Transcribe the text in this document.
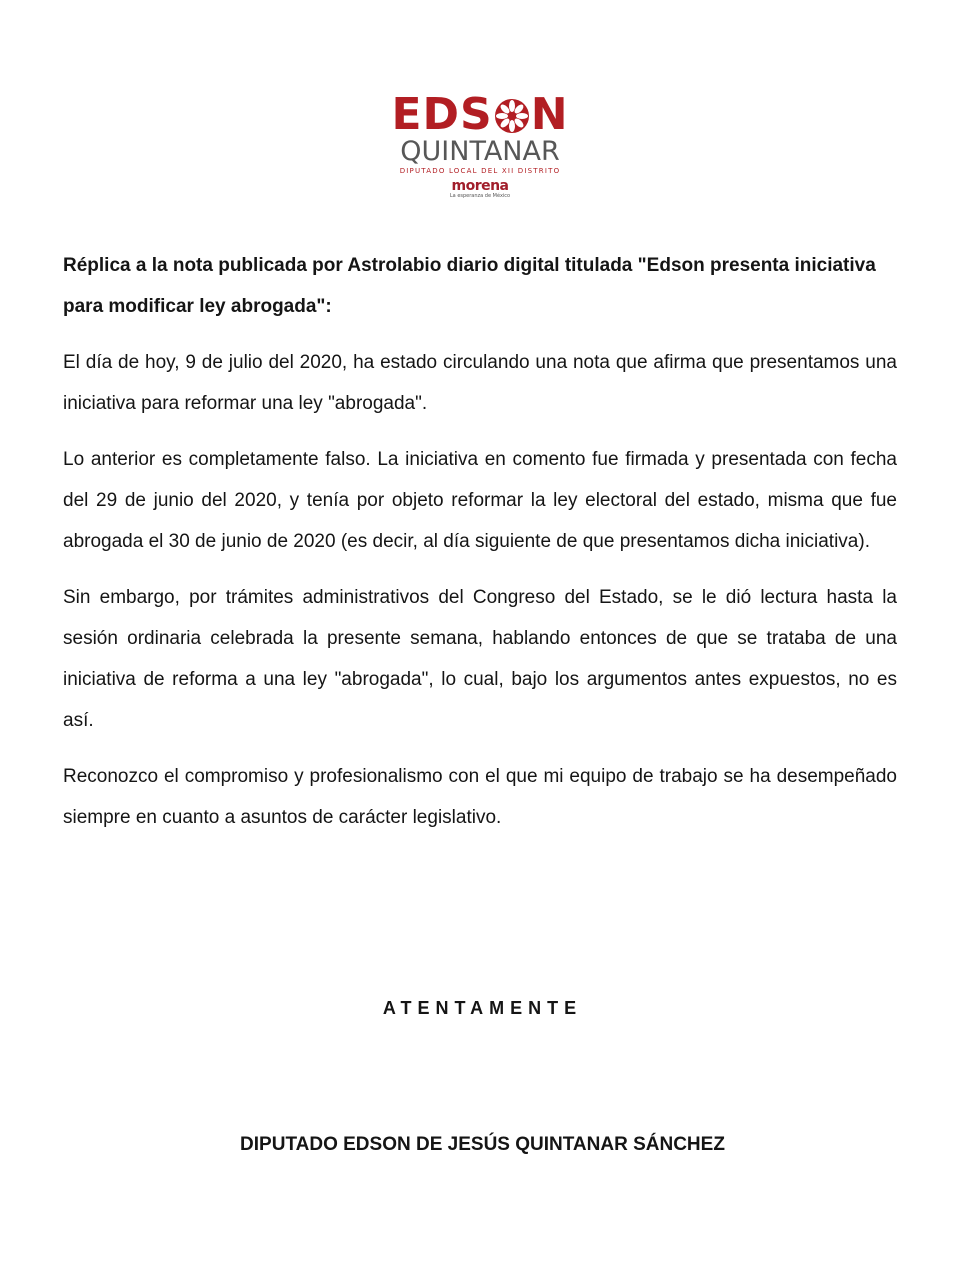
EDS N
QUINTANAR
DIPUTADO LOCAL DEL XII DISTRITO
morena
La esperanza de México

Réplica a la nota publicada por Astrolabio diario digital titulada "Edson presenta iniciativa para modificar ley abrogada":

El día de hoy, 9 de julio del 2020, ha estado circulando una nota que afirma que presentamos una iniciativa para reformar una ley "abrogada".

Lo anterior es completamente falso. La iniciativa en comento fue firmada y presentada con fecha del 29 de junio del 2020, y tenía por objeto reformar la ley electoral del estado, misma que fue abrogada el 30 de junio de 2020 (es decir, al día siguiente de que presentamos dicha iniciativa).

Sin embargo, por trámites administrativos del Congreso del Estado, se le dió lectura hasta la sesión ordinaria celebrada la presente semana, hablando entonces de que se trataba de una iniciativa de reforma a una ley "abrogada", lo cual, bajo los argumentos antes expuestos, no es así.

Reconozco el compromiso y profesionalismo con el que mi equipo de trabajo se ha desempeñado siempre en cuanto a asuntos de carácter legislativo.

ATENTAMENTE
DIPUTADO EDSON DE JESÚS QUINTANAR SÁNCHEZ
